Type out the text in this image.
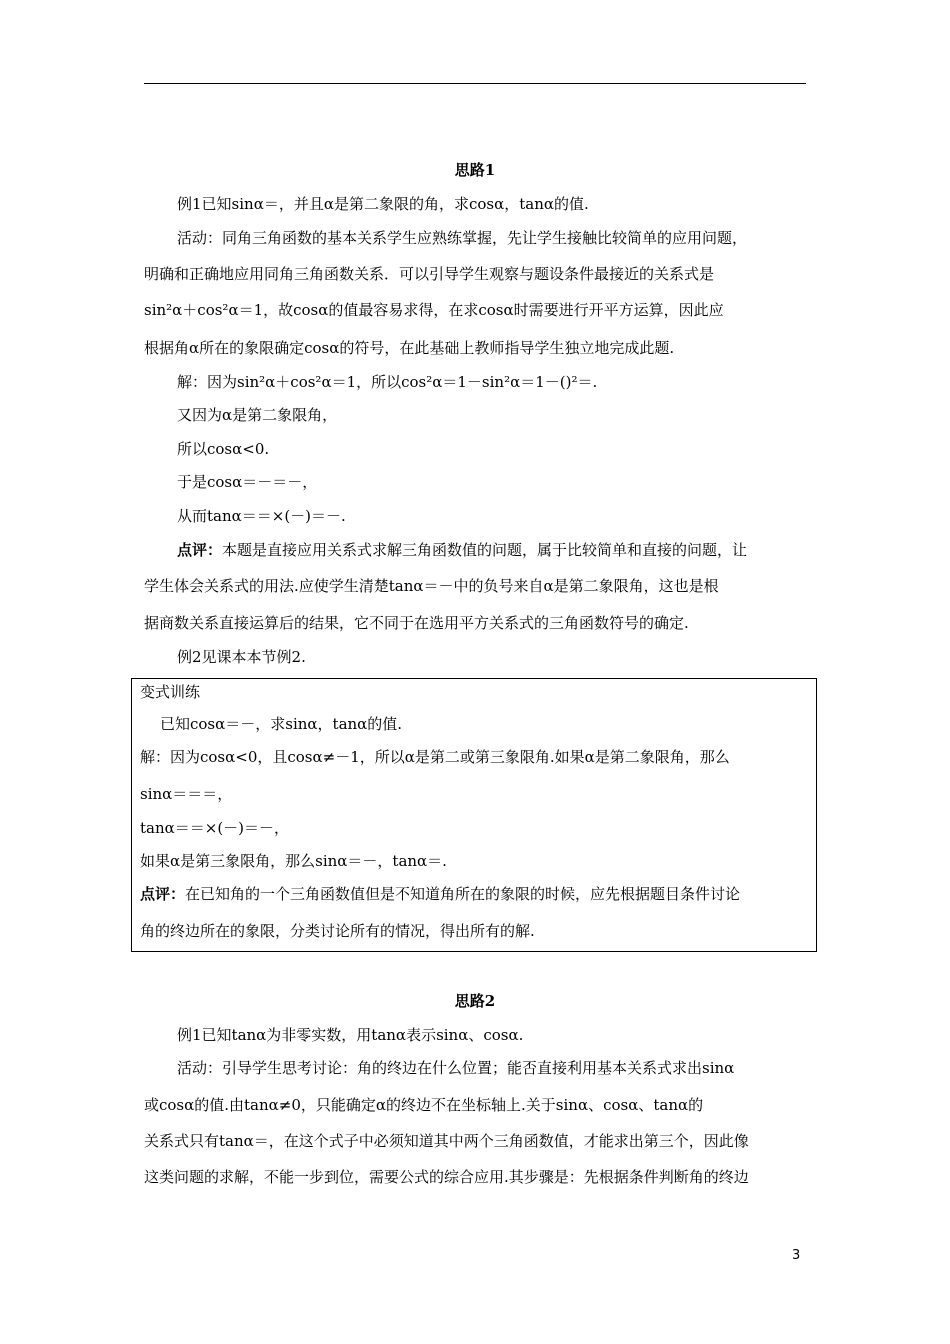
思路1
例1已知sinα＝，并且α是第二象限的角，求cosα，tanα的值.
活动：同角三角函数的基本关系学生应熟练掌握，先让学生接触比较简单的应用问题，
明确和正确地应用同角三角函数关系．可以引导学生观察与题设条件最接近的关系式是
sin²α＋cos²α＝1，故cosα的值最容易求得，在求cosα时需要进行开平方运算，因此应
根据角α所在的象限确定cosα的符号，在此基础上教师指导学生独立地完成此题.
解：因为sin²α＋cos²α＝1，所以cos²α＝1－sin²α＝1－()²＝.
又因为α是第二象限角，
所以cosα<0.
于是cosα＝－＝－，
从而tanα＝＝×(－)＝－.
点评：本题是直接应用关系式求解三角函数值的问题，属于比较简单和直接的问题，让
学生体会关系式的用法.应使学生清楚tanα＝－中的负号来自α是第二象限角，这也是根
据商数关系直接运算后的结果，它不同于在选用平方关系式的三角函数符号的确定.
例2见课本本节例2.
变式训练
已知cosα＝－，求sinα，tanα的值.
解：因为cosα<0，且cosα≠－1，所以α是第二或第三象限角.如果α是第二象限角，那么
sinα＝＝＝，
tanα＝＝×(－)＝－，
如果α是第三象限角，那么sinα＝－，tanα＝.
点评：在已知角的一个三角函数值但是不知道角所在的象限的时候，应先根据题目条件讨论
角的终边所在的象限，分类讨论所有的情况，得出所有的解.
思路2
例1已知tanα为非零实数，用tanα表示sinα、cosα.
活动：引导学生思考讨论：角的终边在什么位置；能否直接利用基本关系式求出sinα
或cosα的值.由tanα≠0，只能确定α的终边不在坐标轴上.关于sinα、cosα、tanα的
关系式只有tanα＝，在这个式子中必须知道其中两个三角函数值，才能求出第三个，因此像
这类问题的求解，不能一步到位，需要公式的综合应用.其步骤是：先根据条件判断角的终边
3
